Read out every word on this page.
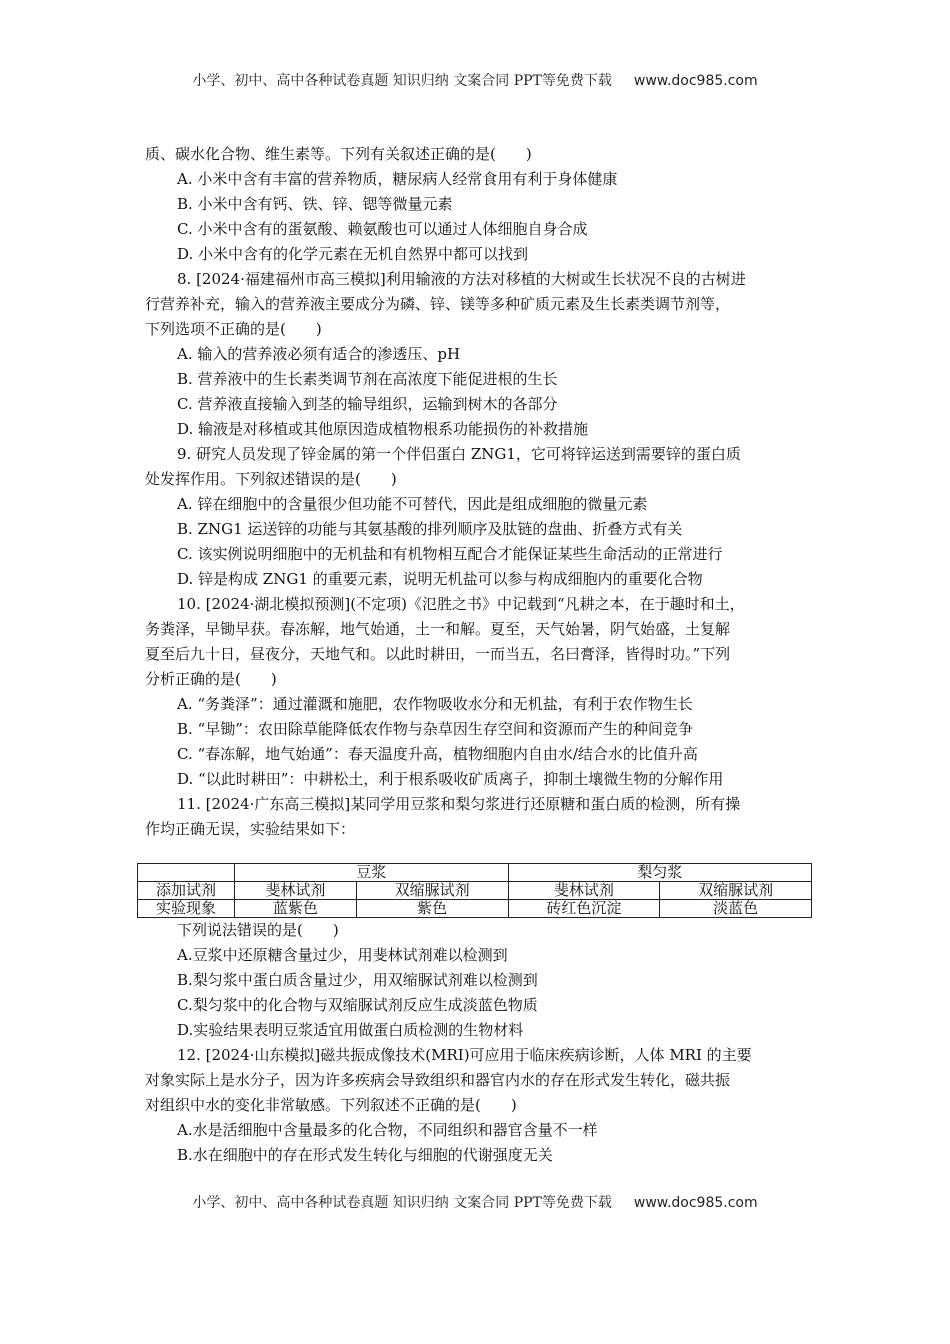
小学、初中、高中各种试卷真题 知识归纳 文案合同 PPT等免费下载 www.doc985.com
质、碳水化合物、维生素等。下列有关叙述正确的是(　　)
A. 小米中含有丰富的营养物质，糖尿病人经常食用有利于身体健康
B. 小米中含有钙、铁、锌、锶等微量元素
C. 小米中含有的蛋氨酸、赖氨酸也可以通过人体细胞自身合成
D. 小米中含有的化学元素在无机自然界中都可以找到
8. [2024·福建福州市高三模拟]利用输液的方法对移植的大树或生长状况不良的古树进
行营养补充，输入的营养液主要成分为磷、锌、镁等多种矿质元素及生长素类调节剂等，
下列选项不正确的是(　　)
A. 输入的营养液必须有适合的渗透压、pH
B. 营养液中的生长素类调节剂在高浓度下能促进根的生长
C. 营养液直接输入到茎的输导组织，运输到树木的各部分
D. 输液是对移植或其他原因造成植物根系功能损伤的补救措施
9. 研究人员发现了锌金属的第一个伴侣蛋白 ZNG1，它可将锌运送到需要锌的蛋白质
处发挥作用。下列叙述错误的是(　　)
A. 锌在细胞中的含量很少但功能不可替代，因此是组成细胞的微量元素
B. ZNG1 运送锌的功能与其氨基酸的排列顺序及肽链的盘曲、折叠方式有关
C. 该实例说明细胞中的无机盐和有机物相互配合才能保证某些生命活动的正常进行
D. 锌是构成 ZNG1 的重要元素，说明无机盐可以参与构成细胞内的重要化合物
10. [2024·湖北模拟预测](不定项)《氾胜之书》中记载到“凡耕之本，在于趣时和土，
务粪泽，早锄早获。春冻解，地气始通，土一和解。夏至，天气始暑，阴气始盛，土复解
夏至后九十日，昼夜分，天地气和。以此时耕田，一而当五，名曰膏泽，皆得时功。”下列
分析正确的是(　　)
A. “务粪泽”：通过灌溉和施肥，农作物吸收水分和无机盐，有利于农作物生长
B. “早锄”：农田除草能降低农作物与杂草因生存空间和资源而产生的种间竞争
C. “春冻解，地气始通”：春天温度升高，植物细胞内自由水/结合水的比值升高
D. “以此时耕田”：中耕松土，利于根系吸收矿质离子，抑制土壤微生物的分解作用
11. [2024·广东高三模拟]某同学用豆浆和梨匀浆进行还原糖和蛋白质的检测，所有操
作均正确无误，实验结果如下：
	豆浆		梨匀浆	
添加试剂	斐林试剂	双缩脲试剂	斐林试剂	双缩脲试剂
实验现象	蓝紫色	紫色	砖红色沉淀	淡蓝色
下列说法错误的是(　　)
A.豆浆中还原糖含量过少，用斐林试剂难以检测到
B.梨匀浆中蛋白质含量过少，用双缩脲试剂难以检测到
C.梨匀浆中的化合物与双缩脲试剂反应生成淡蓝色物质
D.实验结果表明豆浆适宜用做蛋白质检测的生物材料
12. [2024·山东模拟]磁共振成像技术(MRI)可应用于临床疾病诊断，人体 MRI 的主要
对象实际上是水分子，因为许多疾病会导致组织和器官内水的存在形式发生转化，磁共振
对组织中水的变化非常敏感。下列叙述不正确的是(　　)
A.水是活细胞中含量最多的化合物，不同组织和器官含量不一样
B.水在细胞中的存在形式发生转化与细胞的代谢强度无关
小学、初中、高中各种试卷真题 知识归纳 文案合同 PPT等免费下载 www.doc985.com
